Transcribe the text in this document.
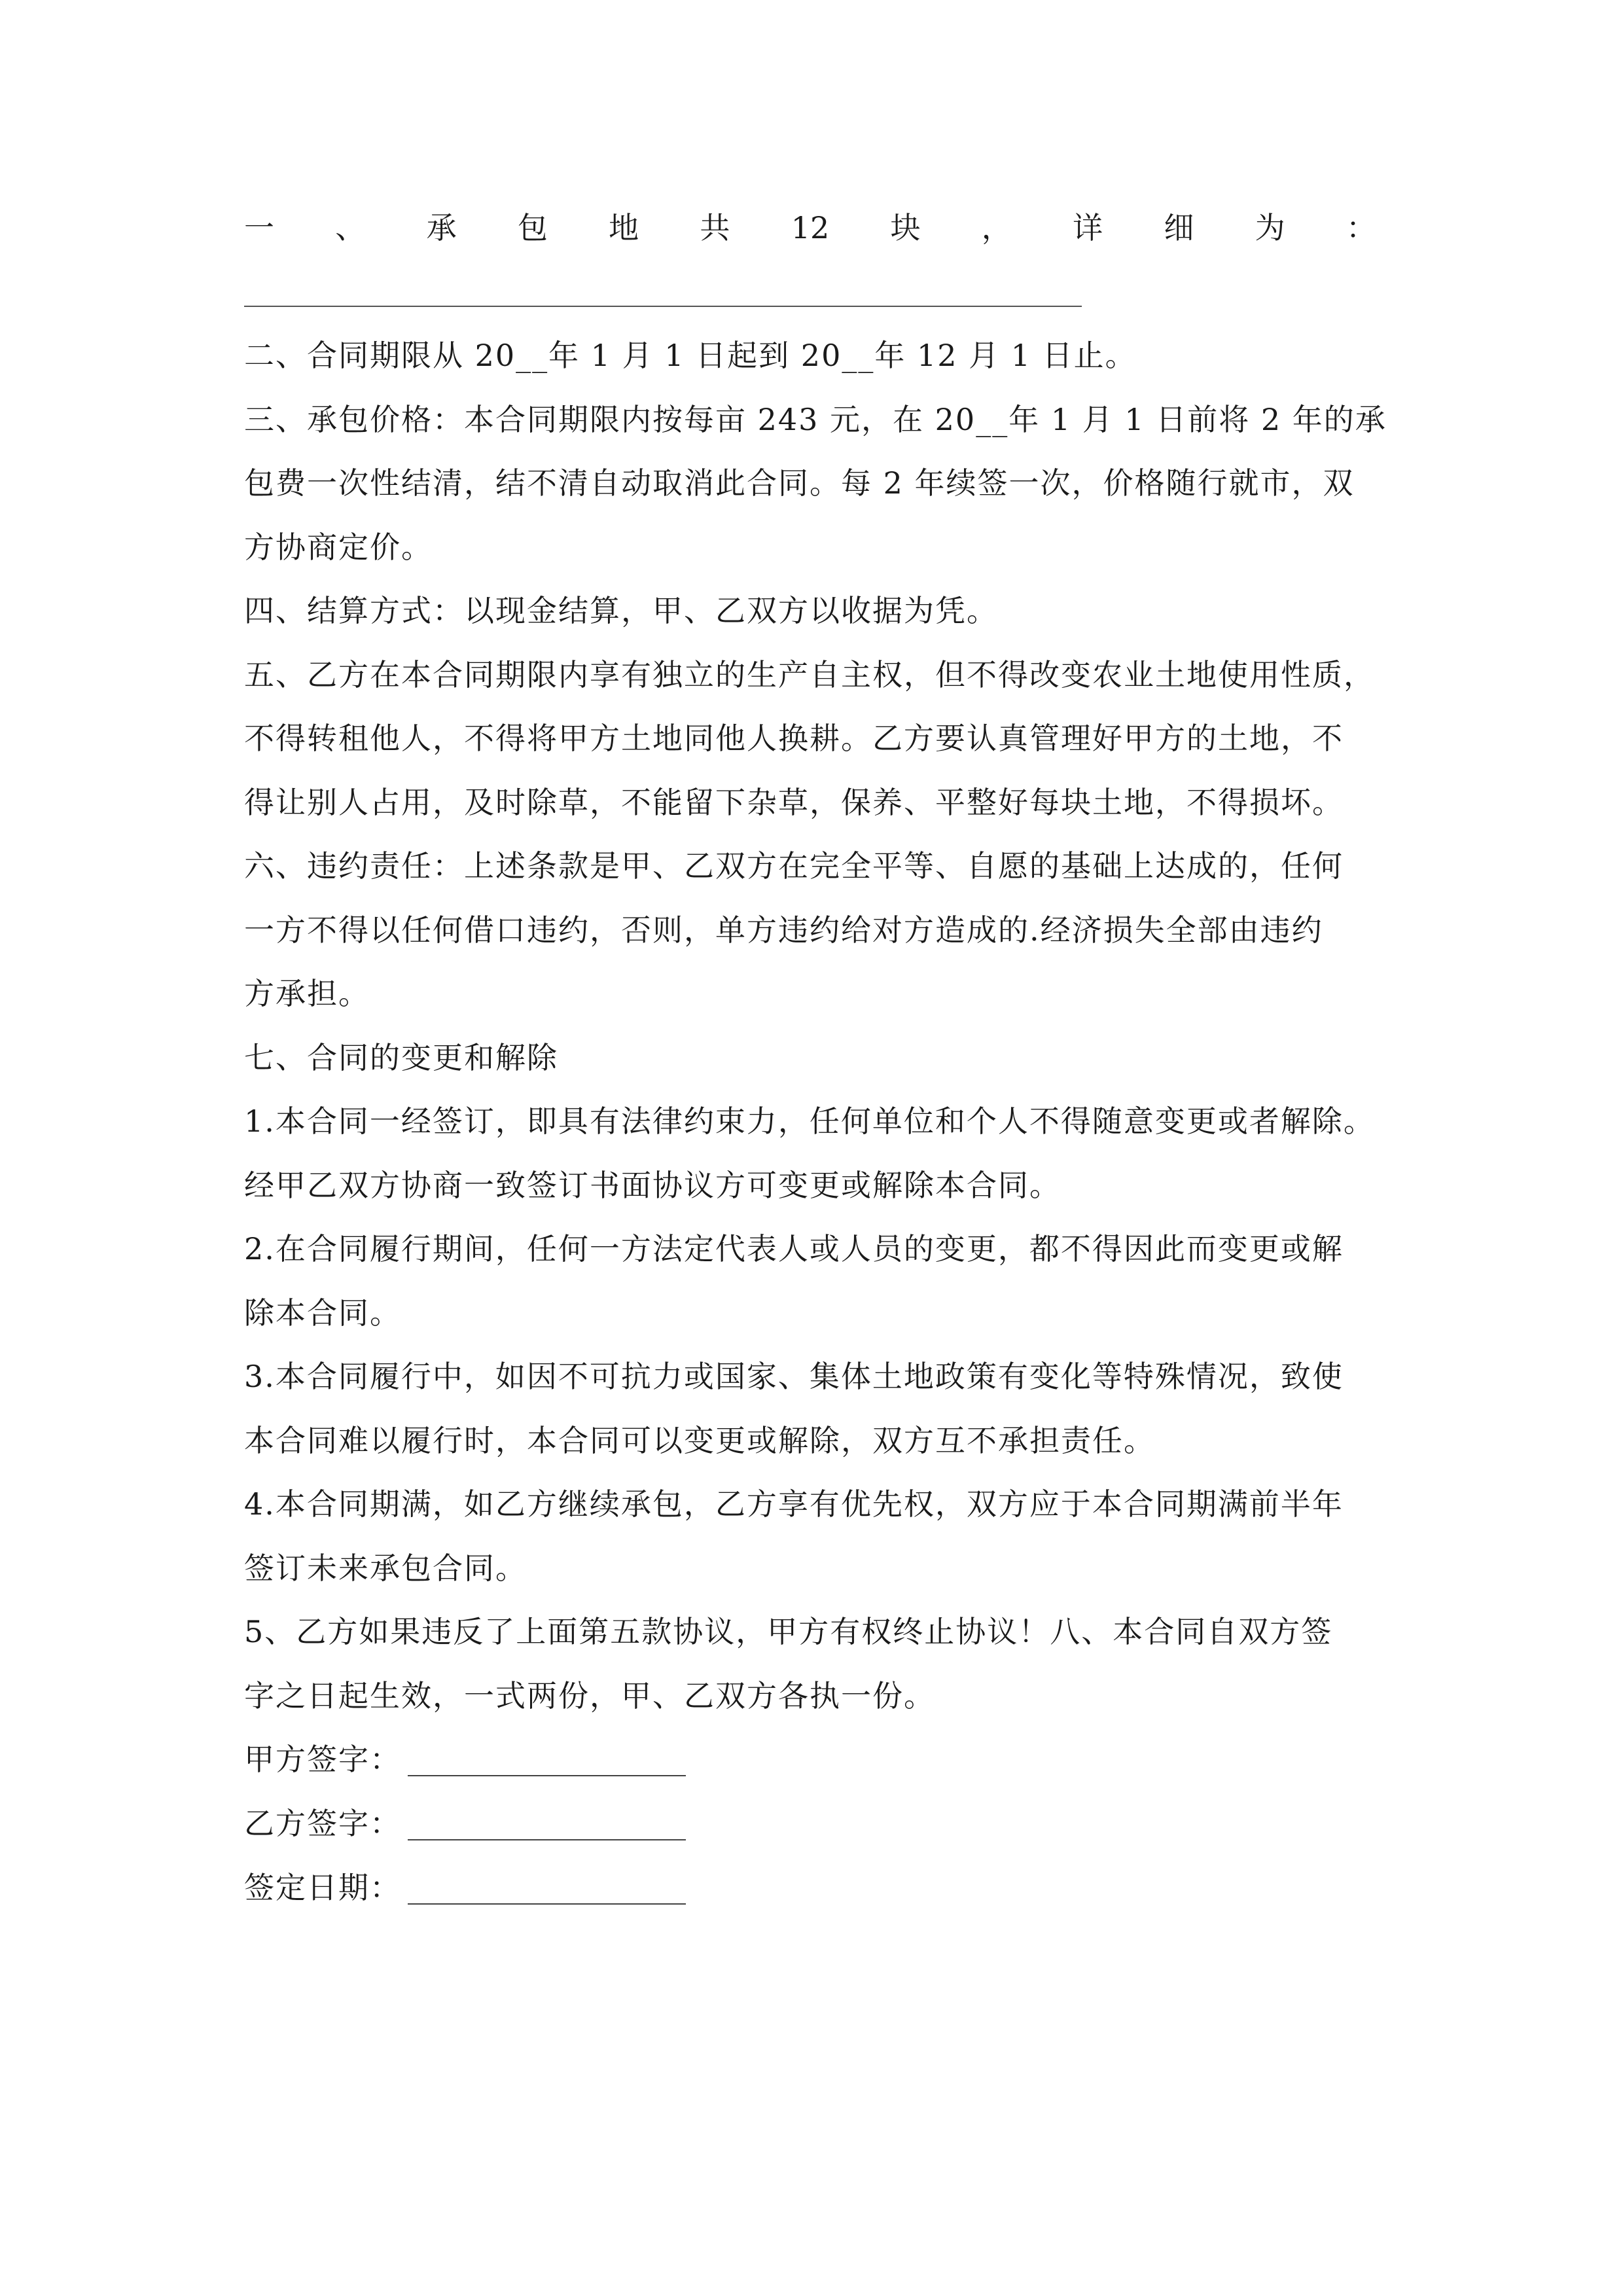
一 、 承 包 地 共 12 块 ， 详 细 为 ：
二、合同期限从 20__年 1 月 1 日起到 20__年 12 月 1 日止。
三、承包价格：本合同期限内按每亩 243 元，在 20__年 1 月 1 日前将 2 年的承
包费一次性结清，结不清自动取消此合同。每 2 年续签一次，价格随行就市，双
方协商定价。
四、结算方式：以现金结算，甲、乙双方以收据为凭。
五、乙方在本合同期限内享有独立的生产自主权，但不得改变农业土地使用性质，
不得转租他人，不得将甲方土地同他人换耕。乙方要认真管理好甲方的土地，不
得让别人占用，及时除草，不能留下杂草，保养、平整好每块土地，不得损坏。
六、违约责任：上述条款是甲、乙双方在完全平等、自愿的基础上达成的，任何
一方不得以任何借口违约，否则，单方违约给对方造成的.经济损失全部由违约
方承担。
七、合同的变更和解除
1.本合同一经签订，即具有法律约束力，任何单位和个人不得随意变更或者解除。
经甲乙双方协商一致签订书面协议方可变更或解除本合同。
2.在合同履行期间，任何一方法定代表人或人员的变更，都不得因此而变更或解
除本合同。
3.本合同履行中，如因不可抗力或国家、集体土地政策有变化等特殊情况，致使
本合同难以履行时，本合同可以变更或解除，双方互不承担责任。
4.本合同期满，如乙方继续承包，乙方享有优先权，双方应于本合同期满前半年
签订未来承包合同。
5、乙方如果违反了上面第五款协议，甲方有权终止协议！八、本合同自双方签
字之日起生效，一式两份，甲、乙双方各执一份。
甲方签字：
乙方签字：
签定日期：
